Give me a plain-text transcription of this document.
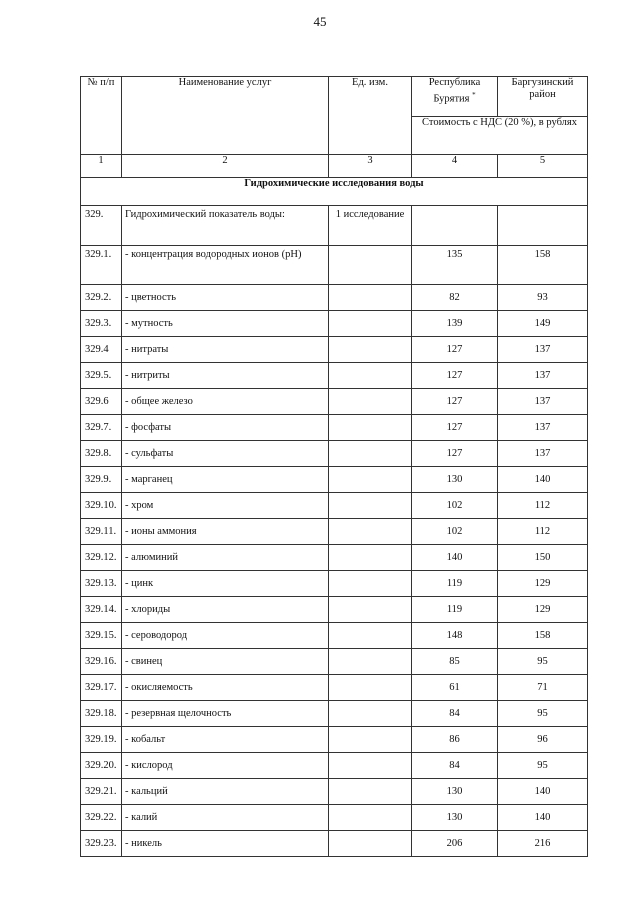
45
№ п/п	Наименование услуг	Ед. изм.	Республика Бурятия *	Баргузинский район
			Стоимость с НДС (20 %), в рублях	
1	2	3	4	5
Гидрохимические исследования воды				
329.	Гидрохимический показатель воды:	1 исследование		
329.1.	- концентрация водородных ионов (pH)		135	158
329.2.	- цветность		82	93
329.3.	- мутность		139	149
329.4	- нитраты		127	137
329.5.	- нитриты		127	137
329.6	- общее железо		127	137
329.7.	- фосфаты		127	137
329.8.	- сульфаты		127	137
329.9.	- марганец		130	140
329.10.	- хром		102	112
329.11.	- ионы аммония		102	112
329.12.	- алюминий		140	150
329.13.	- цинк		119	129
329.14.	- хлориды		119	129
329.15.	- сероводород		148	158
329.16.	- свинец		85	95
329.17.	- окисляемость		61	71
329.18.	- резервная щелочность		84	95
329.19.	- кобальт		86	96
329.20.	- кислород		84	95
329.21.	- кальций		130	140
329.22.	- калий		130	140
329.23.	- никель		206	216
